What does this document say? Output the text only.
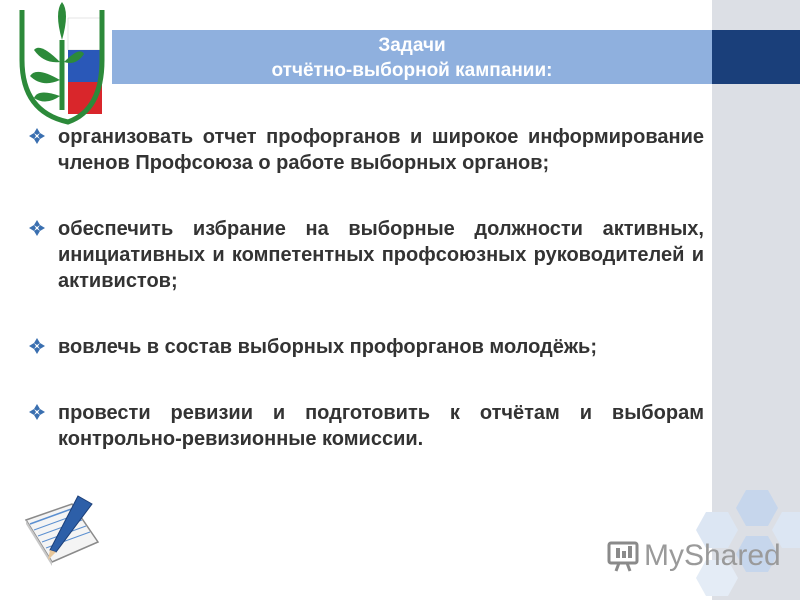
Задачи
отчётно-выборной кампании:
организовать отчет профорганов и широкое информирование членов Профсоюза о работе выборных органов;
обеспечить избрание на выборные должности активных, инициативных и компетентных профсоюзных руководителей и активистов;
вовлечь в состав выборных профорганов молодёжь;
провести ревизии и подготовить к отчётам и выборам контрольно-ревизионные комиссии.
MyShared
